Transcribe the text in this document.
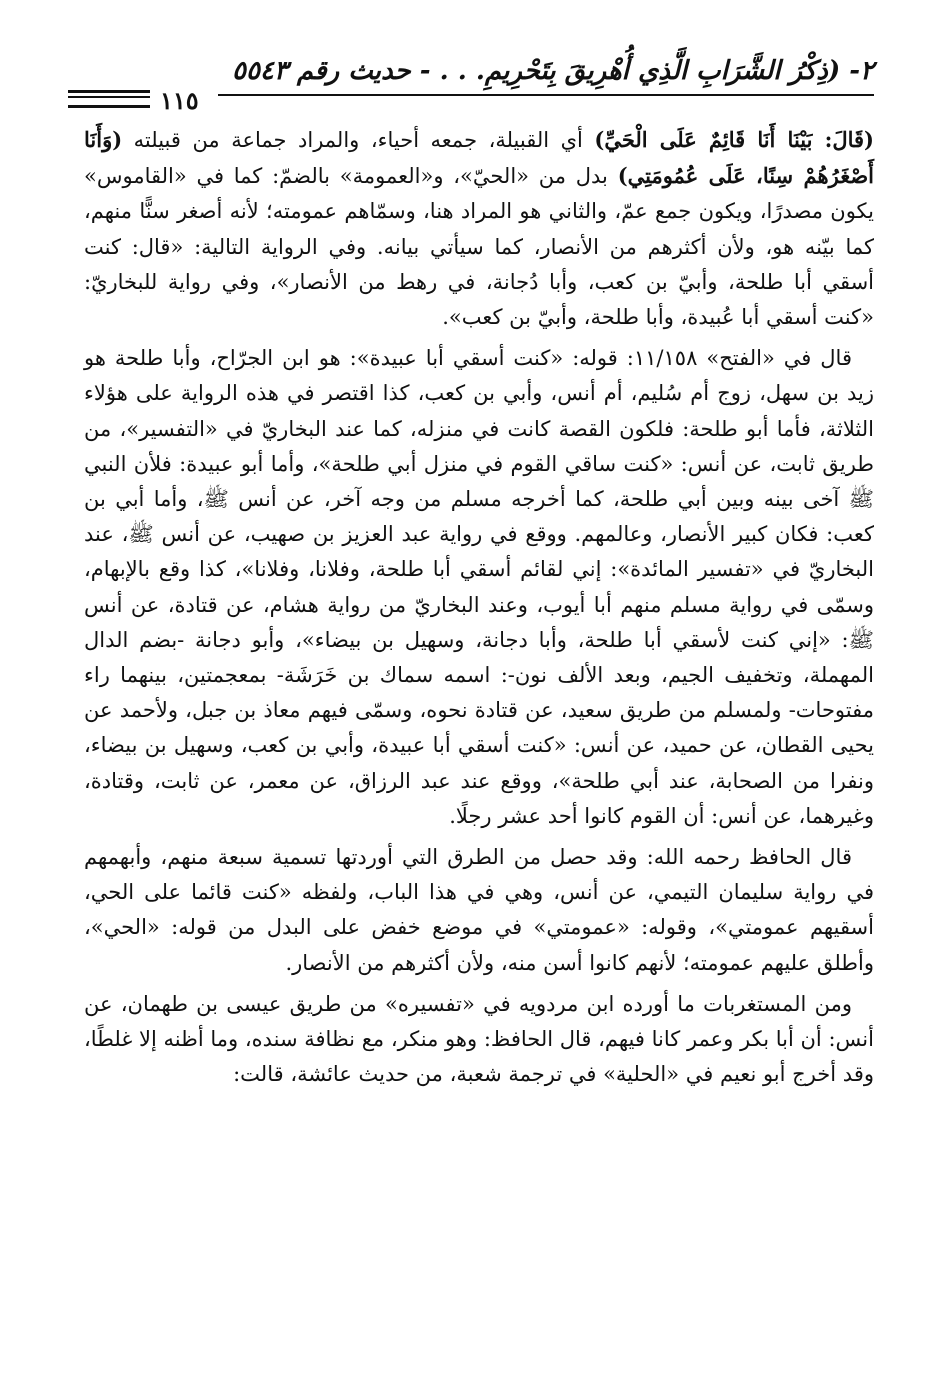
٢- (ذِكْرُ الشَّرَابِ الَّذِي أُهْرِيقَ بِتَحْرِيمِ. . . - حديث رقم ٥٥٤٣
١١٥

(قَالَ: بَيْنَا أَنَا قَائِمٌ عَلَى الْحَيِّ) أي القبيلة، جمعه أحياء، والمراد جماعة من قبيلته (وَأَنَا أَصْغَرُهُمْ سِنًا، عَلَى عُمُومَتِي) بدل من «الحيّ»، و«العمومة» بالضمّ: كما في «القاموس» يكون مصدرًا، ويكون جمع عمّ، والثاني هو المراد هنا، وسمّاهم عمومته؛ لأنه أصغر سنًّا منهم، كما بيّنه هو، ولأن أكثرهم من الأنصار، كما سيأتي بيانه. وفي الرواية التالية: «قال: كنت أسقي أبا طلحة، وأبيّ بن كعب، وأبا دُجانة، في رهط من الأنصار»، وفي رواية للبخاريّ: «كنت أسقي أبا عُبيدة، وأبا طلحة، وأبيّ بن كعب».

قال في «الفتح» ١١/١٥٨: قوله: «كنت أسقي أبا عبيدة»: هو ابن الجرّاح، وأبا طلحة هو زيد بن سهل، زوج أم سُليم، أم أنس، وأبي بن كعب، كذا اقتصر في هذه الرواية على هؤلاء الثلاثة، فأما أبو طلحة: فلكون القصة كانت في منزله، كما عند البخاريّ في «التفسير»، من طريق ثابت، عن أنس: «كنت ساقي القوم في منزل أبي طلحة»، وأما أبو عبيدة: فلأن النبي ﷺ آخى بينه وبين أبي طلحة، كما أخرجه مسلم من وجه آخر، عن أنس ﷺ، وأما أبي بن كعب: فكان كبير الأنصار، وعالمهم. ووقع في رواية عبد العزيز بن صهيب، عن أنس ﷺ، عند البخاريّ في «تفسير المائدة»: إني لقائم أسقي أبا طلحة، وفلانا، وفلانا»، كذا وقع بالإبهام، وسمّى في رواية مسلم منهم أبا أيوب، وعند البخاريّ من رواية هشام، عن قتادة، عن أنس ﷺ: «إني كنت لأسقي أبا طلحة، وأبا دجانة، وسهيل بن بيضاء»، وأبو دجانة -بضم الدال المهملة، وتخفيف الجيم، وبعد الألف نون-: اسمه سماك بن خَرَشَة- بمعجمتين، بينهما راء مفتوحات- ولمسلم من طريق سعيد، عن قتادة نحوه، وسمّى فيهم معاذ بن جبل، ولأحمد عن يحيى القطان، عن حميد، عن أنس: «كنت أسقي أبا عبيدة، وأبي بن كعب، وسهيل بن بيضاء، ونفرا من الصحابة، عند أبي طلحة»، ووقع عند عبد الرزاق، عن معمر، عن ثابت، وقتادة، وغيرهما، عن أنس: أن القوم كانوا أحد عشر رجلًا.

قال الحافظ رحمه الله: وقد حصل من الطرق التي أوردتها تسمية سبعة منهم، وأبهمهم في رواية سليمان التيمي، عن أنس، وهي في هذا الباب، ولفظه «كنت قائما على الحي، أسقيهم عمومتي»، وقوله: «عمومتي» في موضع خفض على البدل من قوله: «الحي»، وأطلق عليهم عمومته؛ لأنهم كانوا أسن منه، ولأن أكثرهم من الأنصار.

ومن المستغربات ما أورده ابن مردويه في «تفسيره» من طريق عيسى بن طهمان، عن أنس: أن أبا بكر وعمر كانا فيهم، قال الحافظ: وهو منكر، مع نظافة سنده، وما أظنه إلا غلطًا، وقد أخرج أبو نعيم في «الحلية» في ترجمة شعبة، من حديث عائشة، قالت:
